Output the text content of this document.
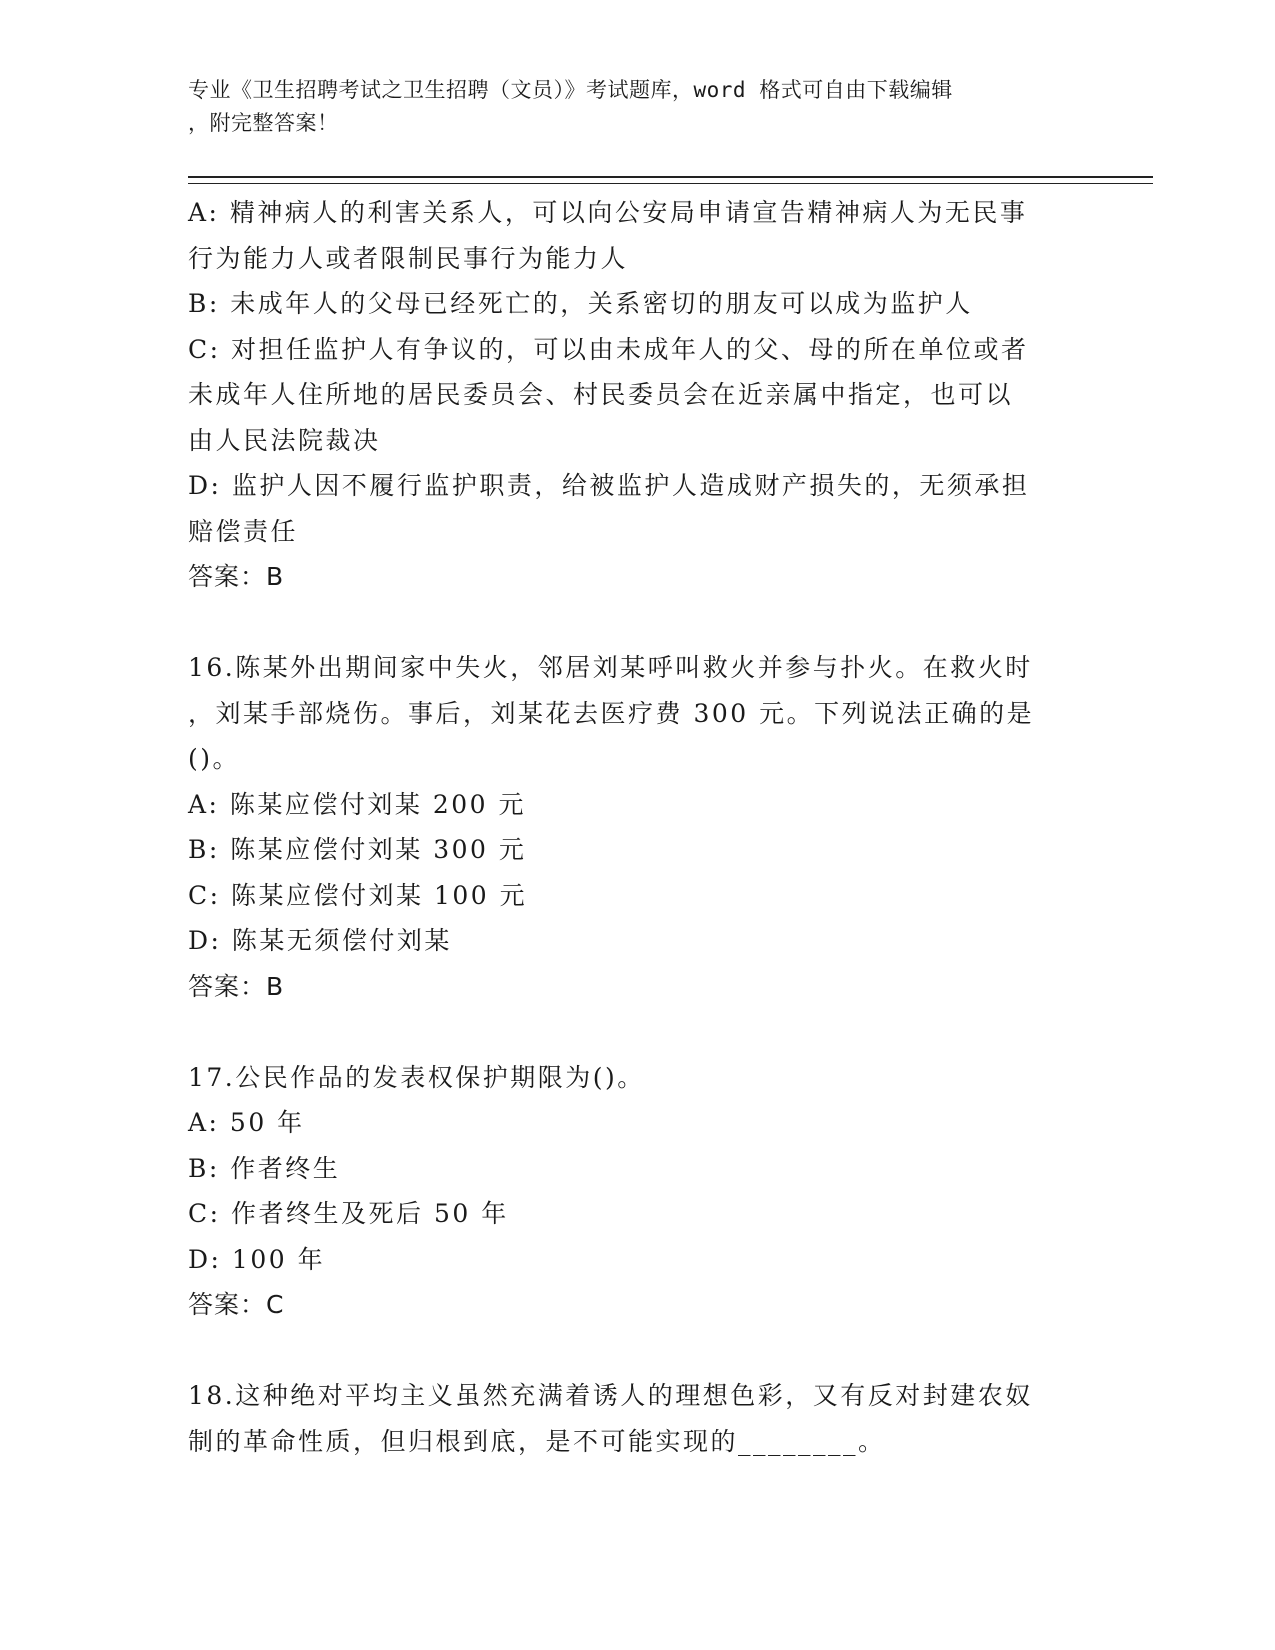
专业《卫生招聘考试之卫生招聘（文员）》考试题库，word 格式可自由下载编辑
，附完整答案！
A: 精神病人的利害关系人，可以向公安局申请宣告精神病人为无民事
行为能力人或者限制民事行为能力人
B: 未成年人的父母已经死亡的，关系密切的朋友可以成为监护人
C: 对担任监护人有争议的，可以由未成年人的父、母的所在单位或者
未成年人住所地的居民委员会、村民委员会在近亲属中指定，也可以
由人民法院裁决
D: 监护人因不履行监护职责，给被监护人造成财产损失的，无须承担
赔偿责任
答案：B
16.陈某外出期间家中失火，邻居刘某呼叫救火并参与扑火。在救火时
，刘某手部烧伤。事后，刘某花去医疗费 300 元。下列说法正确的是
()。
A: 陈某应偿付刘某 200 元
B: 陈某应偿付刘某 300 元
C: 陈某应偿付刘某 100 元
D: 陈某无须偿付刘某
答案：B
17.公民作品的发表权保护期限为()。
A: 50 年
B: 作者终生
C: 作者终生及死后 50 年
D: 100 年
答案：C
18.这种绝对平均主义虽然充满着诱人的理想色彩，又有反对封建农奴
制的革命性质，但归根到底，是不可能实现的________。
